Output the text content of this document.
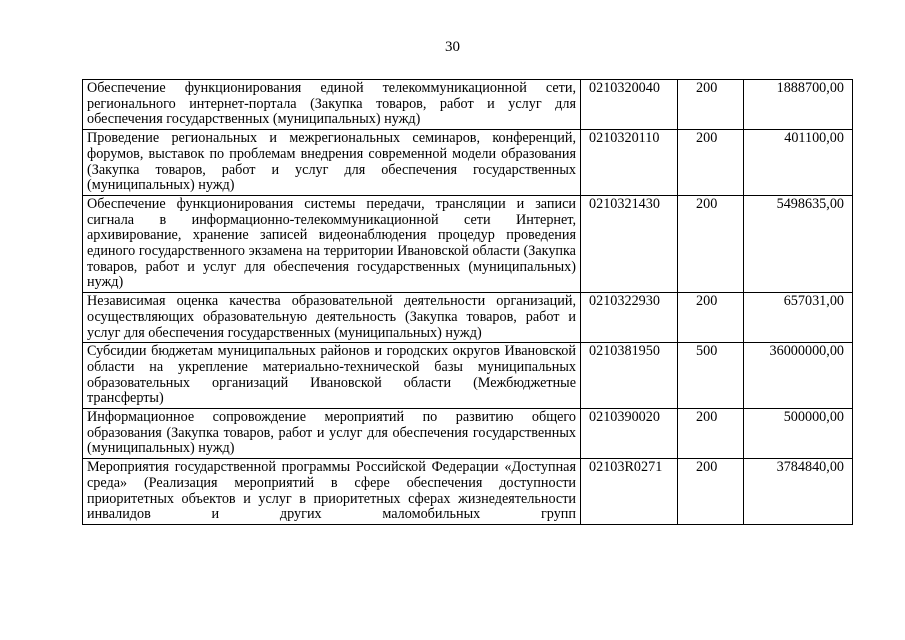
30
Обеспечение функционирования единой телекоммуникационной сети, регионального интернет-портала (Закупка товаров, работ и услуг для обеспечения государственных (муниципальных) нужд)	0210320040	200	1888700,00
Проведение региональных и межрегиональных семинаров, конференций, форумов, выставок по проблемам внедрения современной модели образования (Закупка товаров, работ и услуг для обеспечения государственных (муниципальных) нужд)	0210320110	200	401100,00
Обеспечение функционирования системы передачи, трансляции и записи сигнала в информационно-телекоммуникационной сети Интернет, архивирование, хранение записей видеонаблюдения процедур проведения единого государственного экзамена на территории Ивановской области (Закупка товаров, работ и услуг для обеспечения государственных (муниципальных) нужд)	0210321430	200	5498635,00
Независимая оценка качества образовательной деятельности организаций, осуществляющих образовательную деятельность (Закупка товаров, работ и услуг для обеспечения государственных (муниципальных) нужд)	0210322930	200	657031,00
Субсидии бюджетам муниципальных районов и городских округов Ивановской области на укрепление материально-технической базы муниципальных образовательных организаций Ивановской области (Межбюджетные трансферты)	0210381950	500	36000000,00
Информационное сопровождение мероприятий по развитию общего образования (Закупка товаров, работ и услуг для обеспечения государственных (муниципальных) нужд)	0210390020	200	500000,00
Мероприятия государственной программы Российской Федерации «Доступная среда» (Реализация мероприятий в сфере обеспечения доступности приоритетных объектов и услуг в приоритетных сферах жизнедеятельности инвалидов и других маломобильных групп	02103R0271	200	3784840,00
